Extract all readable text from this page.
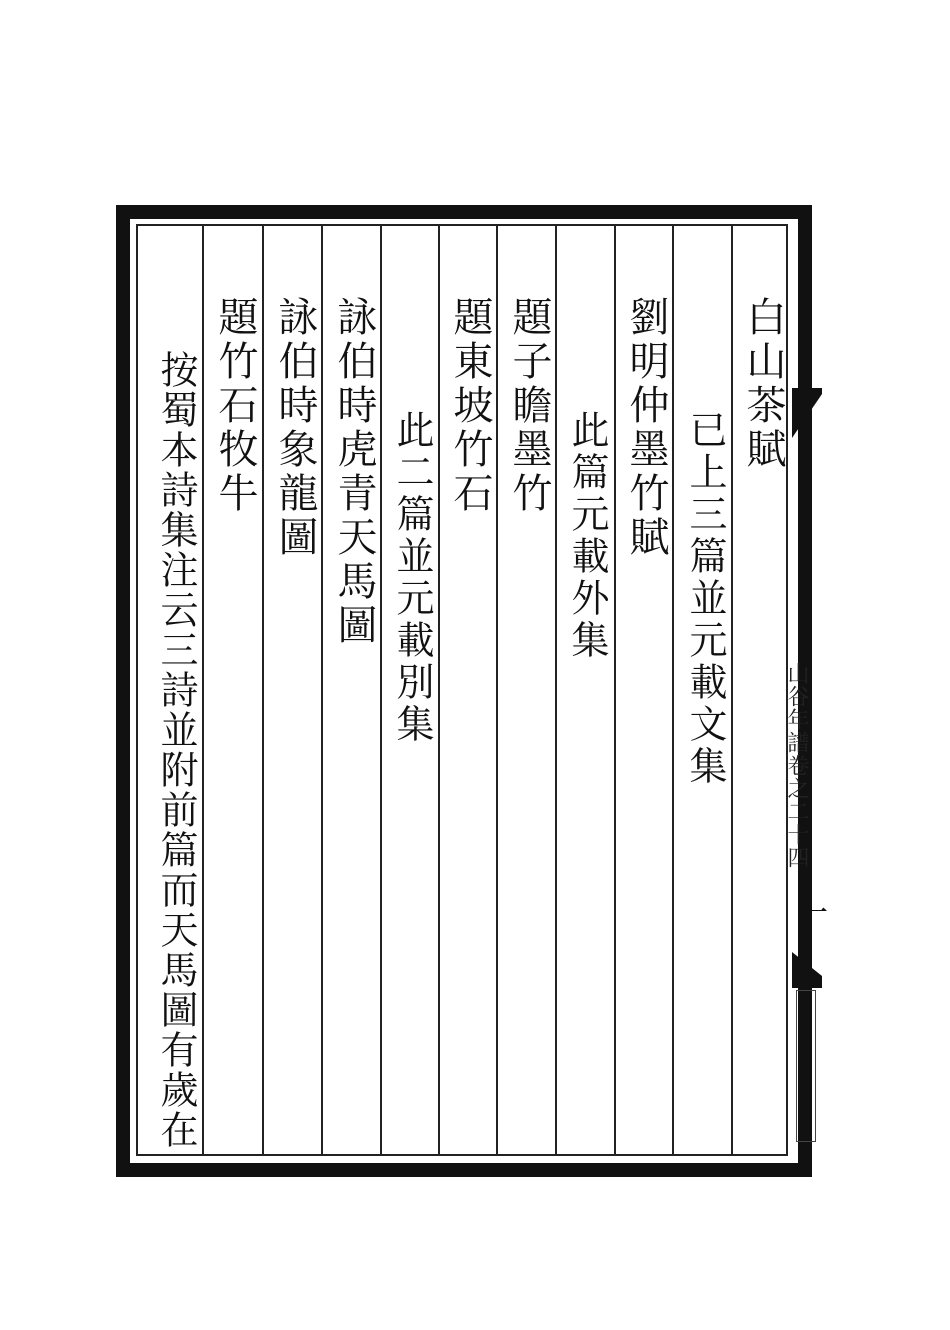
白山茶賦
已上三篇並元載文集
劉明仲墨竹賦
此篇元載外集
題子瞻墨竹
題東坡竹石
此二篇並元載別集
詠伯時虎青天馬圖
詠伯時象龍圖
題竹石牧牛
按蜀本詩集注云三詩並附前篇而天馬圖有歲在	山谷年譜卷之二十四
一
